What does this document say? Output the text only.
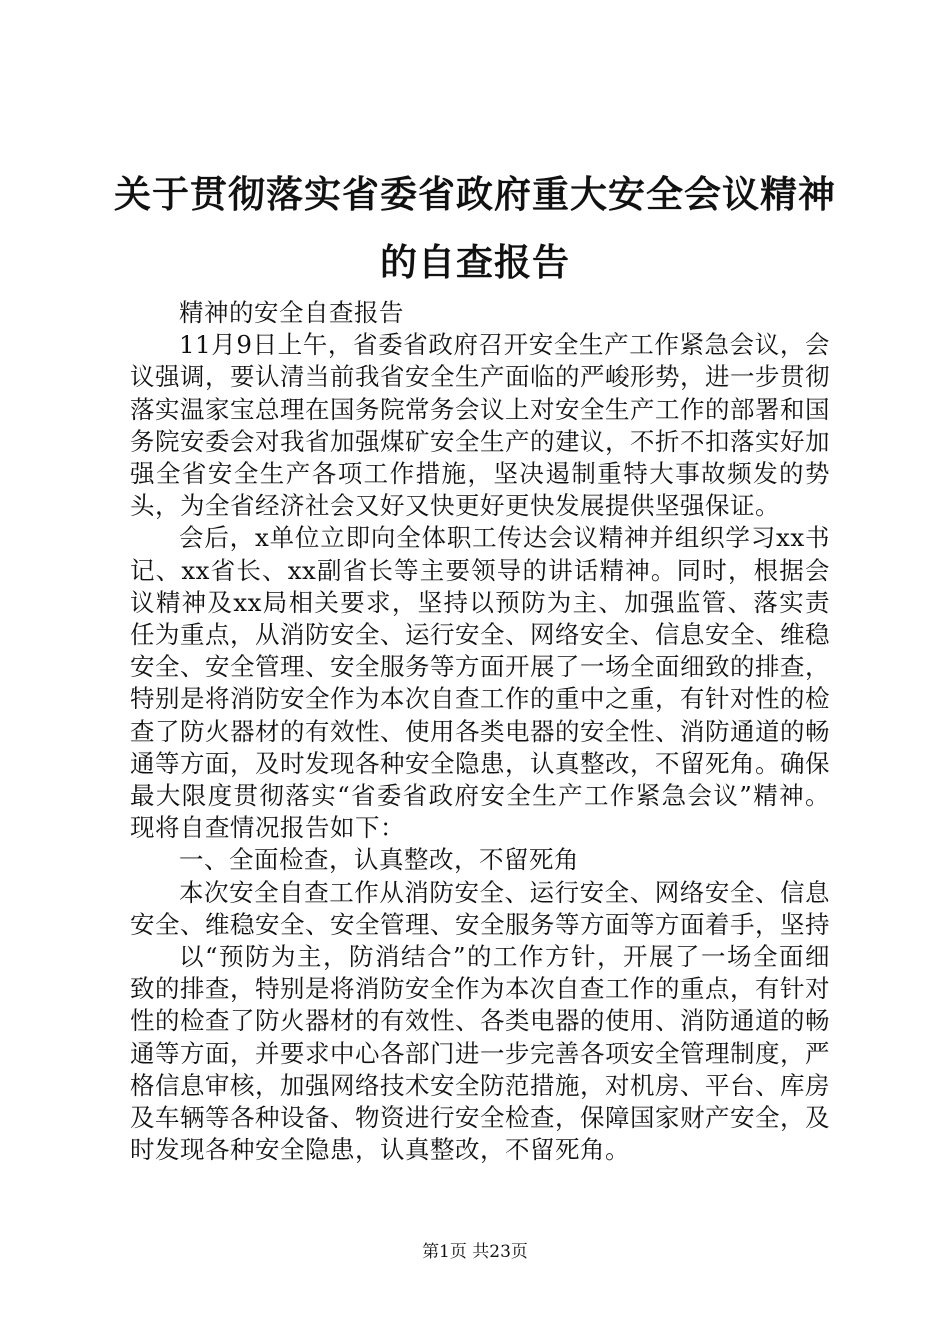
关于贯彻落实省委省政府重大安全会议精神的自查报告

精神的安全自查报告

11月9日上午，省委省政府召开安全生产工作紧急会议，会议强调，要认清当前我省安全生产面临的严峻形势，进一步贯彻落实温家宝总理在国务院常务会议上对安全生产工作的部署和国务院安委会对我省加强煤矿安全生产的建议，不折不扣落实好加强全省安全生产各项工作措施，坚决遏制重特大事故频发的势头，为全省经济社会又好又快更好更快发展提供坚强保证。

会后，x单位立即向全体职工传达会议精神并组织学习xx书记、xx省长、xx副省长等主要领导的讲话精神。同时，根据会议精神及xx局相关要求，坚持以预防为主、加强监管、落实责任为重点，从消防安全、运行安全、网络安全、信息安全、维稳安全、安全管理、安全服务等方面开展了一场全面细致的排查，特别是将消防安全作为本次自查工作的重中之重，有针对性的检查了防火器材的有效性、使用各类电器的安全性、消防通道的畅通等方面，及时发现各种安全隐患，认真整改，不留死角。确保最大限度贯彻落实“省委省政府安全生产工作紧急会议”精神。现将自查情况报告如下：

一、全面检查，认真整改，不留死角

本次安全自查工作从消防安全、运行安全、网络安全、信息安全、维稳安全、安全管理、安全服务等方面等方面着手，坚持

以“预防为主，防消结合”的工作方针，开展了一场全面细致的排查，特别是将消防安全作为本次自查工作的重点，有针对性的检查了防火器材的有效性、各类电器的使用、消防通道的畅通等方面，并要求中心各部门进一步完善各项安全管理制度，严格信息审核，加强网络技术安全防范措施，对机房、平台、库房及车辆等各种设备、物资进行安全检查，保障国家财产安全，及时发现各种安全隐患，认真整改，不留死角。

第1页 共23页
